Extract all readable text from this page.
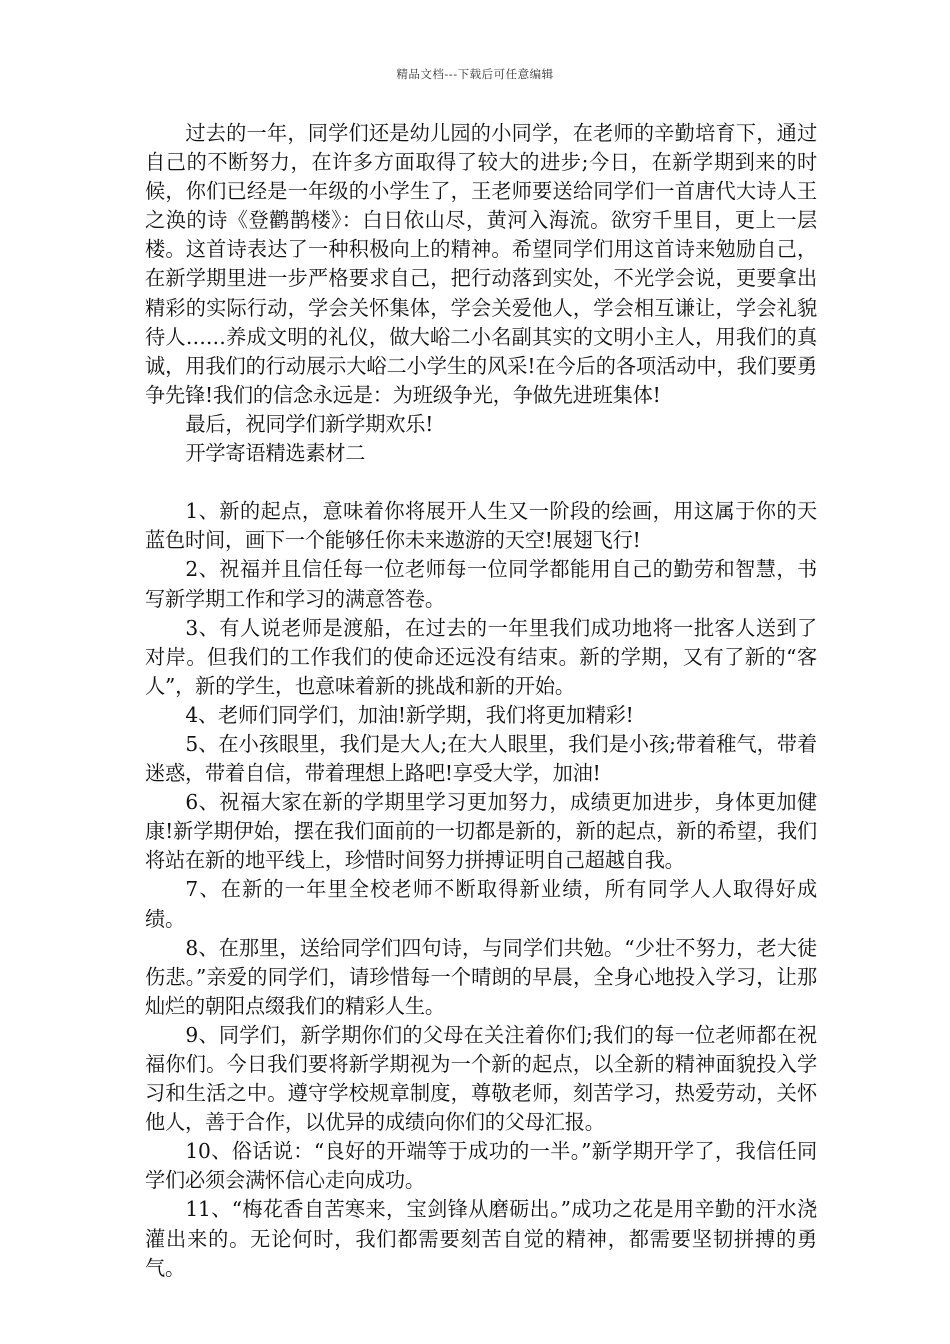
精品文档---下载后可任意编辑

过去的一年，同学们还是幼儿园的小同学，在老师的辛勤培育下，通过自己的不断努力，在许多方面取得了较大的进步;今日，在新学期到来的时候，你们已经是一年级的小学生了，王老师要送给同学们一首唐代大诗人王之涣的诗《登鹳鹊楼》：白日依山尽，黄河入海流。欲穷千里目，更上一层楼。这首诗表达了一种积极向上的精神。希望同学们用这首诗来勉励自己，在新学期里进一步严格要求自己，把行动落到实处，不光学会说，更要拿出精彩的实际行动，学会关怀集体，学会关爱他人，学会相互谦让，学会礼貌待人……养成文明的礼仪，做大峪二小名副其实的文明小主人，用我们的真诚，用我们的行动展示大峪二小学生的风采!在今后的各项活动中，我们要勇争先锋!我们的信念永远是：为班级争光，争做先进班集体!

最后，祝同学们新学期欢乐!

开学寄语精选素材二

1、新的起点，意味着你将展开人生又一阶段的绘画，用这属于你的天蓝色时间，画下一个能够任你未来遨游的天空!展翅飞行!

2、祝福并且信任每一位老师每一位同学都能用自己的勤劳和智慧，书写新学期工作和学习的满意答卷。

3、有人说老师是渡船，在过去的一年里我们成功地将一批客人送到了对岸。但我们的工作我们的使命还远没有结束。新的学期，又有了新的“客人”，新的学生，也意味着新的挑战和新的开始。

4、老师们同学们，加油!新学期，我们将更加精彩!

5、在小孩眼里，我们是大人;在大人眼里，我们是小孩;带着稚气，带着迷惑，带着自信，带着理想上路吧!享受大学，加油!

6、祝福大家在新的学期里学习更加努力，成绩更加进步，身体更加健康!新学期伊始，摆在我们面前的一切都是新的，新的起点，新的希望，我们将站在新的地平线上，珍惜时间努力拼搏证明自己超越自我。

7、在新的一年里全校老师不断取得新业绩，所有同学人人取得好成绩。

8、在那里，送给同学们四句诗，与同学们共勉。“少壮不努力，老大徒伤悲。”亲爱的同学们，请珍惜每一个晴朗的早晨，全身心地投入学习，让那灿烂的朝阳点缀我们的精彩人生。

9、同学们，新学期你们的父母在关注着你们;我们的每一位老师都在祝福你们。今日我们要将新学期视为一个新的起点，以全新的精神面貌投入学习和生活之中。遵守学校规章制度，尊敬老师，刻苦学习，热爱劳动，关怀他人，善于合作，以优异的成绩向你们的父母汇报。

10、俗话说：“良好的开端等于成功的一半。”新学期开学了，我信任同学们必须会满怀信心走向成功。

11、“梅花香自苦寒来，宝剑锋从磨砺出。”成功之花是用辛勤的汗水浇灌出来的。无论何时，我们都需要刻苦自觉的精神，都需要坚韧拼搏的勇气。
